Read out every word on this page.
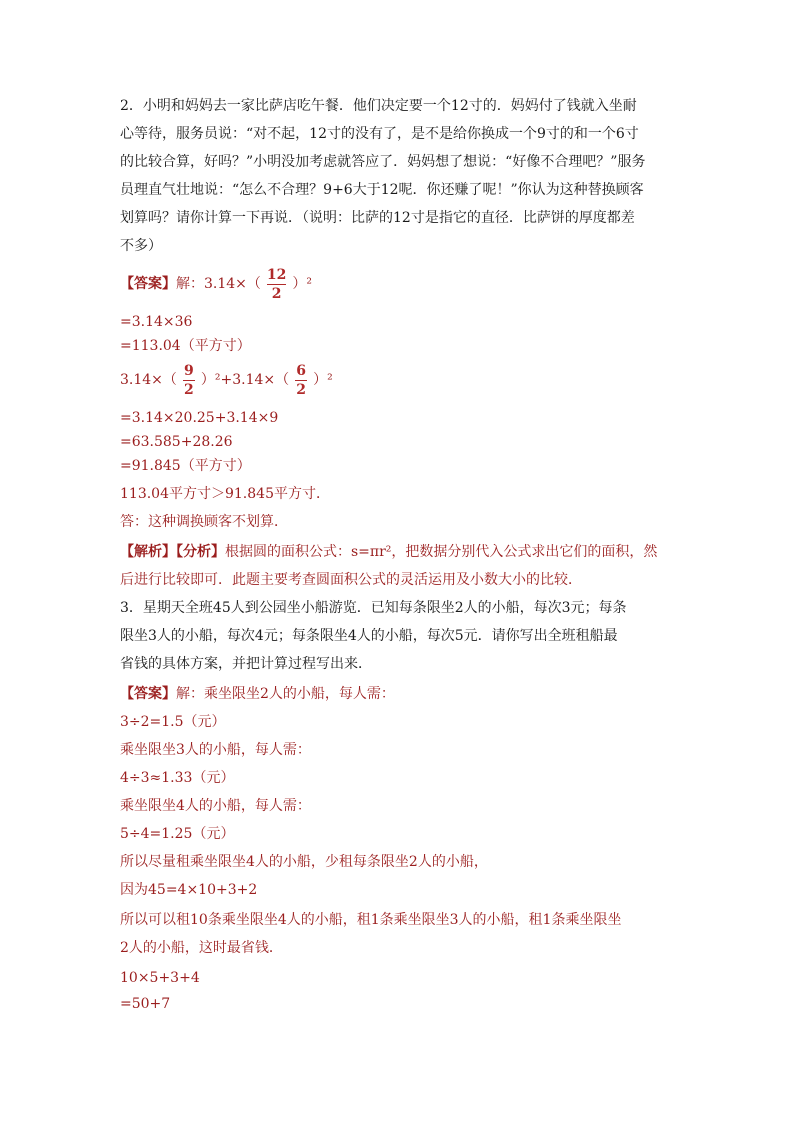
2．小明和妈妈去一家比萨店吃午餐．他们决定要一个12寸的．妈妈付了钱就入坐耐
心等待，服务员说：“对不起，12寸的没有了，是不是给你换成一个9寸的和一个6寸
的比较合算，好吗？”小明没加考虑就答应了．妈妈想了想说：“好像不合理吧？”服务
员理直气壮地说：“怎么不合理？9+6大于12呢．你还赚了呢！”你认为这种替换顾客
划算吗？请你计算一下再说．（说明：比萨的12寸是指它的直径．比萨饼的厚度都差
不多）
【答案】 解：$3.14\times( \frac{12}{2} )^2$
=3.14×36
=113.04（平方寸）
$3.14\times( \frac{9}{2} )^2+3.14\times( \frac{6}{2} )^2$
=3.14×20.25+3.14×9
=63.585+28.26
=91.845（平方寸）
113.04平方寸＞91.845平方寸．
答：这种调换顾客不划算．
【解析】【分析】根据圆的面积公式：s=πr²，把数据分别代入公式求出它们的面积，然
后进行比较即可．此题主要考查圆面积公式的灵活运用及小数大小的比较．
3．星期天全班45人到公园坐小船游览．已知每条限坐2人的小船，每次3元；每条
限坐3人的小船，每次4元；每条限坐4人的小船，每次5元．请你写出全班租船最
省钱的具体方案，并把计算过程写出来．
【答案】解：乘坐限坐2人的小船，每人需：
3÷2=1.5（元）
乘坐限坐3人的小船，每人需：
4÷3≈1.33（元）
乘坐限坐4人的小船，每人需：
5÷4=1.25（元）
所以尽量租乘坐限坐4人的小船，少租每条限坐2人的小船，
因为45=4×10+3+2
所以可以租10条乘坐限坐4人的小船，租1条乘坐限坐3人的小船，租1条乘坐限坐
2人的小船，这时最省钱．
10×5+3+4
=50+7
